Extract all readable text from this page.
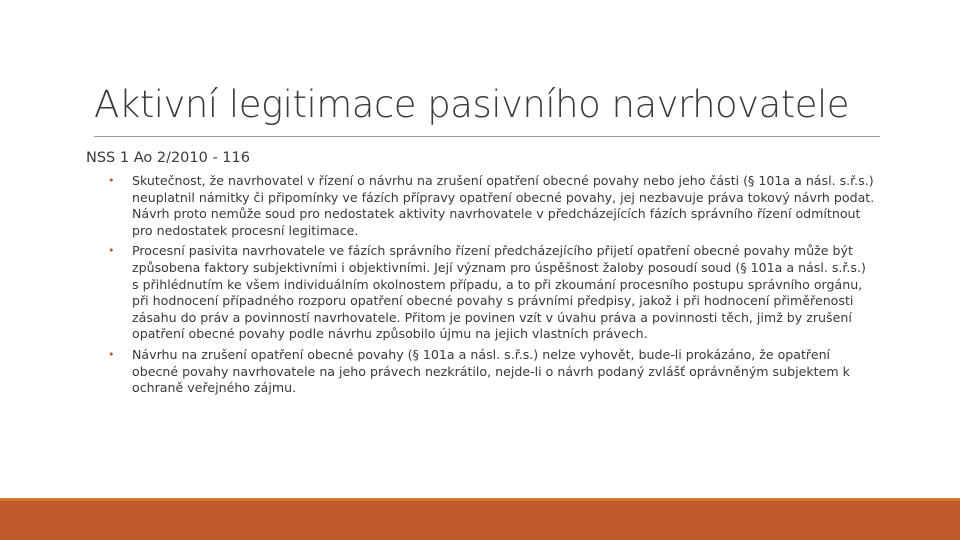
Aktivní legitimace pasivního navrhovatele

NSS 1 Ao 2/2010 - 116

• Skutečnost, že navrhovatel v řízení o návrhu na zrušení opatření obecné povahy nebo jeho části (§ 101a a násl. s.ř.s.) neuplatnil námitky či připomínky ve fázích přípravy opatření obecné povahy, jej nezbavuje práva tokový návrh podat. Návrh proto nemůže soud pro nedostatek aktivity navrhovatele v předcházejících fázích správního řízení odmítnout pro nedostatek procesní legitimace.
• Procesní pasivita navrhovatele ve fázích správního řízení předcházejícího přijetí opatření obecné povahy může být způsobena faktory subjektivními i objektivními. Její význam pro úspěšnost žaloby posoudí soud (§ 101a a násl. s.ř.s.) s přihlédnutím ke všem individuálním okolnostem případu, a to při zkoumání procesního postupu správního orgánu, při hodnocení případného rozporu opatření obecné povahy s právními předpisy, jakož i při hodnocení přiměřenosti zásahu do práv a povinností navrhovatele. Přitom je povinen vzít v úvahu práva a povinnosti těch, jimž by zrušení opatření obecné povahy podle návrhu způsobilo újmu na jejich vlastních právech.
• Návrhu na zrušení opatření obecné povahy (§ 101a a násl. s.ř.s.) nelze vyhovět, bude-li prokázáno, že opatření obecné povahy navrhovatele na jeho právech nezkrátilo, nejde-li o návrh podaný zvlášť oprávněným subjektem k ochraně veřejného zájmu.
